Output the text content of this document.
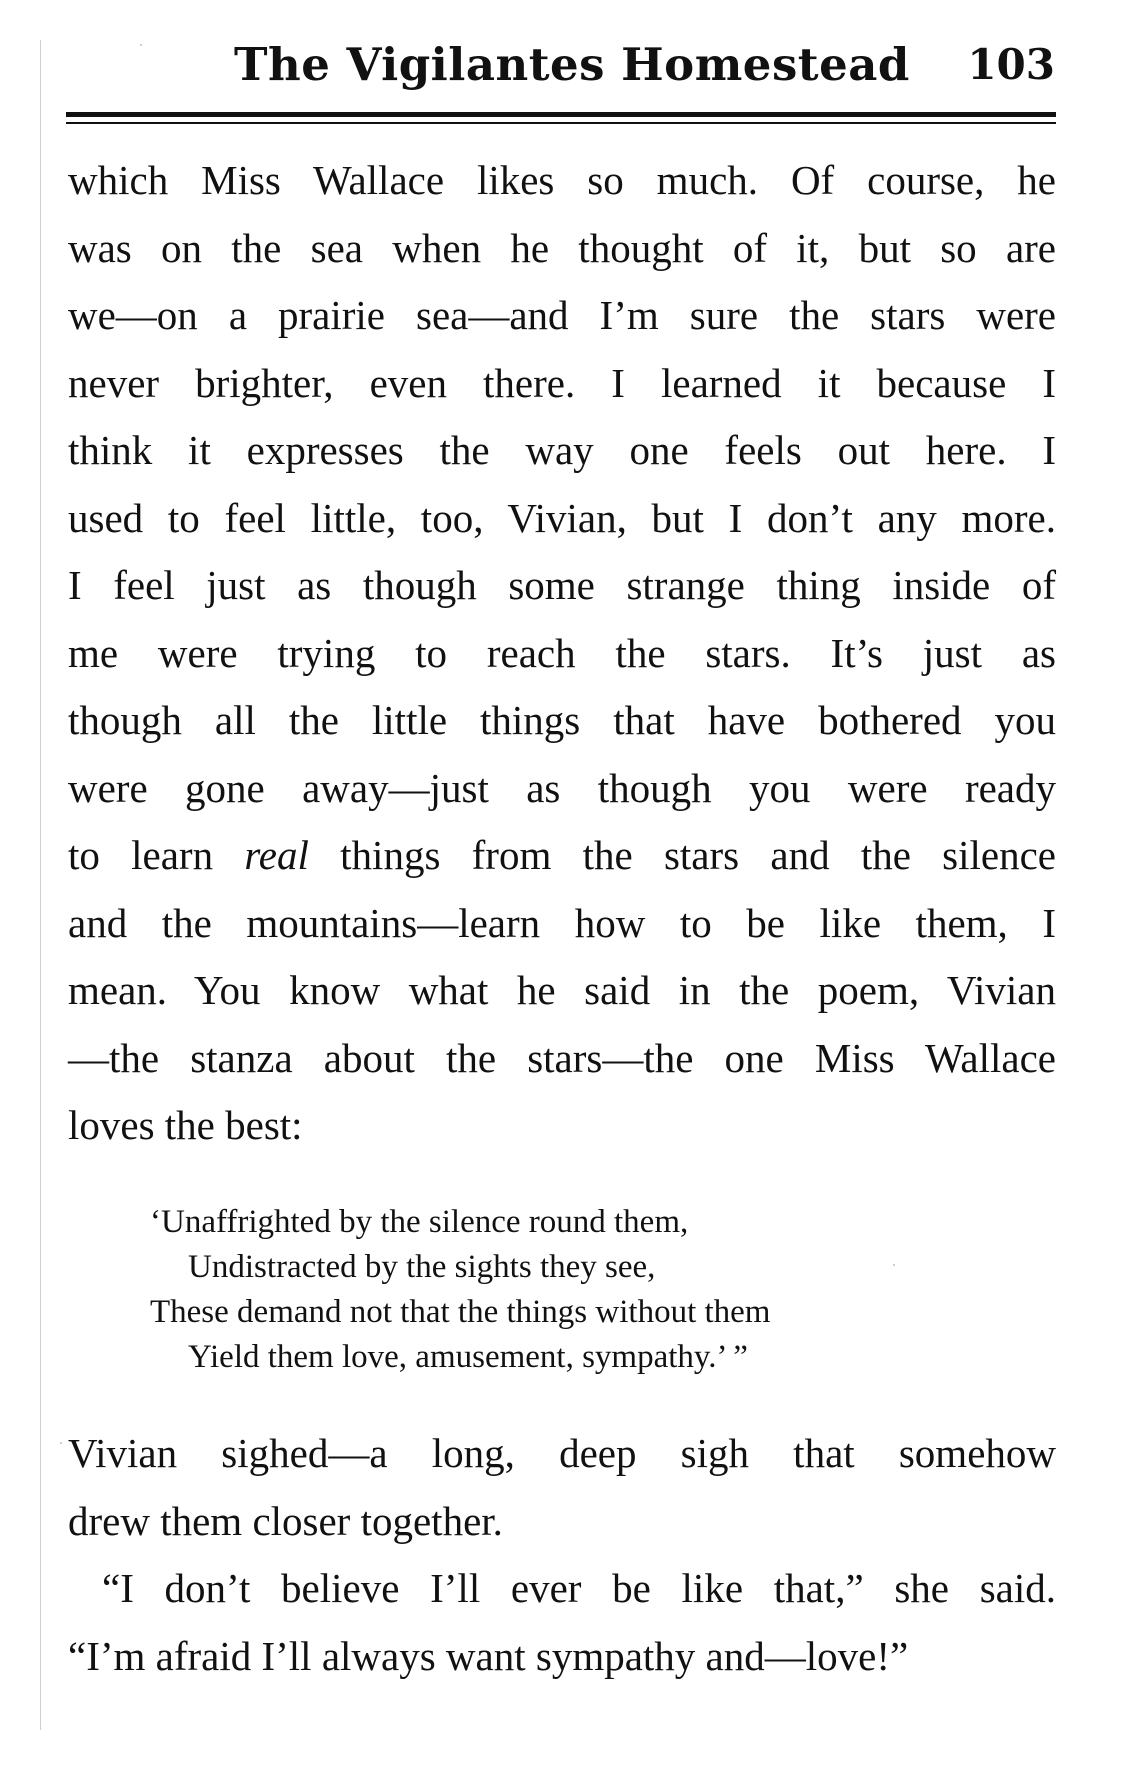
The Vigilantes Homestead 103
which Miss Wallace likes so much. Of course, he
was on the sea when he thought of it, but so are
we—on a prairie sea—and I’m sure the stars were
never brighter, even there. I learned it because I
think it expresses the way one feels out here. I
used to feel little, too, Vivian, but I don’t any more.
I feel just as though some strange thing inside of
me were trying to reach the stars. It’s just as
though all the little things that have bothered you
were gone away—just as though you were ready
to learn real things from the stars and the silence
and the mountains—learn how to be like them, I
mean. You know what he said in the poem, Vivian
—the stanza about the stars—the one Miss Wallace
loves the best:
‘Unaffrighted by the silence round them,
Undistracted by the sights they see,
These demand not that the things without them
Yield them love, amusement, sympathy.’ ”
Vivian sighed—a long, deep sigh that somehow
drew them closer together.
“I don’t believe I’ll ever be like that,” she said.
“I’m afraid I’ll always want sympathy and—love!”
